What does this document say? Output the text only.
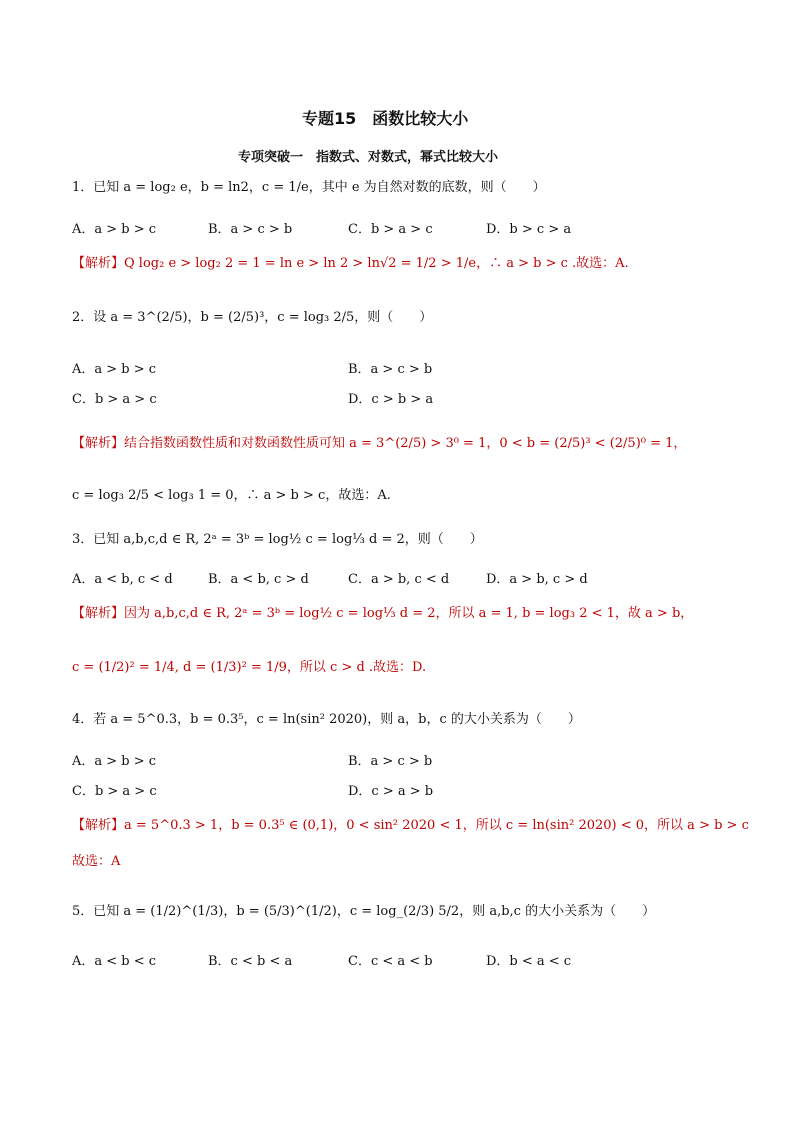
专题15　函数比较大小
专项突破一　指数式、对数式，幂式比较大小
1．已知 a = log₂ e，b = ln2，c = 1/e，其中 e 为自然对数的底数，则（　　）
A．a > b > c	B．a > c > b	C．b > a > c	D．b > c > a
【解析】Q log₂ e > log₂ 2 = 1 = ln e > ln 2 > ln√2 = 1/2 > 1/e，∴ a > b > c .故选：A.
2．设 a = 3^(2/5)，b = (2/5)³，c = log₃ 2/5，则（　　）
A．a > b > c	B．a > c > b
C．b > a > c	D．c > b > a
【解析】结合指数函数性质和对数函数性质可知 a = 3^(2/5) > 3⁰ = 1，0 < b = (2/5)³ < (2/5)⁰ = 1，
c = log₃ 2/5 < log₃ 1 = 0，∴ a > b > c，故选：A.
3．已知 a,b,c,d ∈ R, 2ᵃ = 3ᵇ = log½ c = log⅓ d = 2，则（　　）
A．a < b, c < d	B．a < b, c > d	C．a > b, c < d	D．a > b, c > d
【解析】因为 a,b,c,d ∈ R, 2ᵃ = 3ᵇ = log½ c = log⅓ d = 2，所以 a = 1, b = log₃ 2 < 1，故 a > b，
c = (1/2)² = 1/4, d = (1/3)² = 1/9，所以 c > d .故选：D.
4．若 a = 5^0.3，b = 0.3⁵，c = ln(sin² 2020)，则 a，b，c 的大小关系为（　　）
A．a > b > c	B．a > c > b
C．b > a > c	D．c > a > b
【解析】a = 5^0.3 > 1，b = 0.3⁵ ∈ (0,1)，0 < sin² 2020 < 1，所以 c = ln(sin² 2020) < 0，所以 a > b > c
故选：A
5．已知 a = (1/2)^(1/3)，b = (5/3)^(1/2)，c = log_(2/3) 5/2，则 a,b,c 的大小关系为（　　）
A．a < b < c	B．c < b < a	C．c < a < b	D．b < a < c
